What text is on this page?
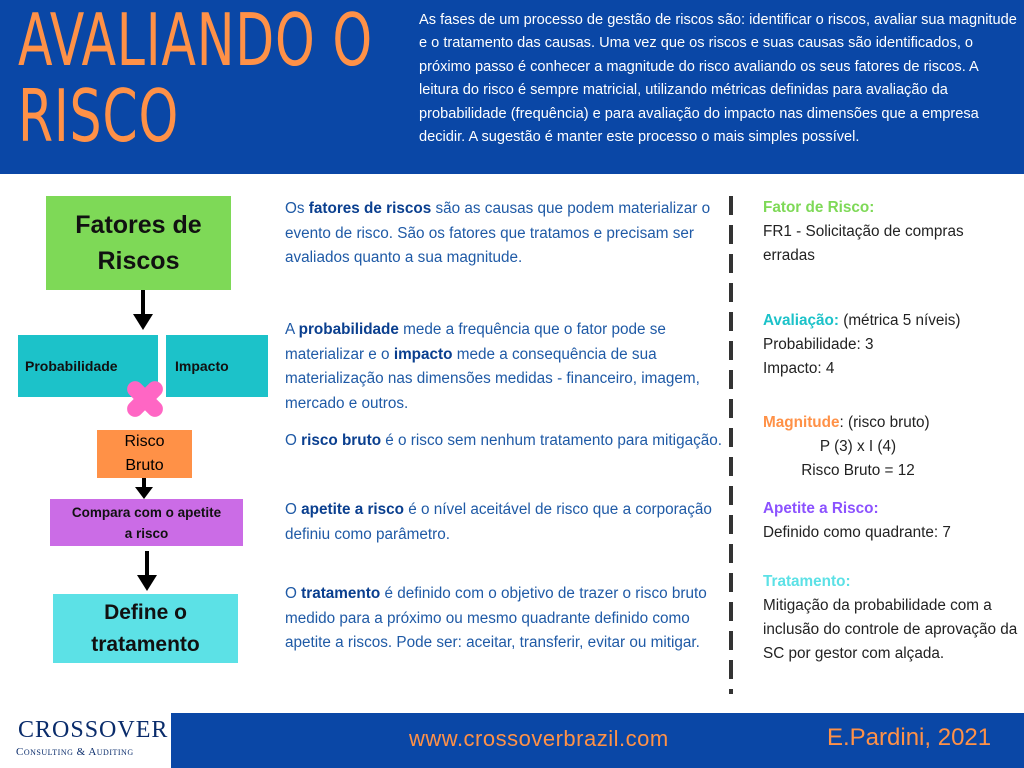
AVALIANDO O
RISCO
As fases de um processo de gestão de riscos são: identificar o riscos, avaliar sua magnitude e o tratamento das causas. Uma vez que os riscos e suas causas são identificados, o próximo passo é conhecer a magnitude do risco avaliando os seus fatores de riscos. A leitura do risco é sempre matricial, utilizando métricas definidas para avaliação da probabilidade (frequência) e para avaliação do impacto nas dimensões que a empresa decidir. A sugestão é manter este processo o mais simples possível.
Fatores de
Riscos
Probabilidade	Impacto
Risco
Bruto
Compara com o apetite
a risco
Define o
tratamento
Os fatores de riscos são as causas que podem materializar o evento de risco. São os fatores que tratamos e precisam ser avaliados quanto a sua magnitude.
A probabilidade mede a frequência que o fator pode se materializar e o impacto mede a consequência de sua materialização nas dimensões medidas - financeiro, imagem, mercado e outros.
O risco bruto é o risco sem nenhum tratamento para mitigação.
O apetite a risco é o nível aceitável de risco que a corporação definiu como parâmetro.
O tratamento é definido com o objetivo de trazer o risco bruto medido para a próximo ou mesmo quadrante definido como apetite a riscos. Pode ser: aceitar, transferir, evitar ou mitigar.
Fator de Risco:
FR1 - Solicitação de compras erradas
Avaliação: (métrica 5 níveis)
Probabilidade: 3
Impacto: 4
Magnitude: (risco bruto)
P (3) x I (4)
Risco Bruto = 12
Apetite a Risco:
Definido como quadrante: 7
Tratamento:
Mitigação da probabilidade com a inclusão do controle de aprovação da SC por gestor com alçada.
CROSSOVER
Consulting & Auditing
www.crossoverbrazil.com	E.Pardini, 2021
